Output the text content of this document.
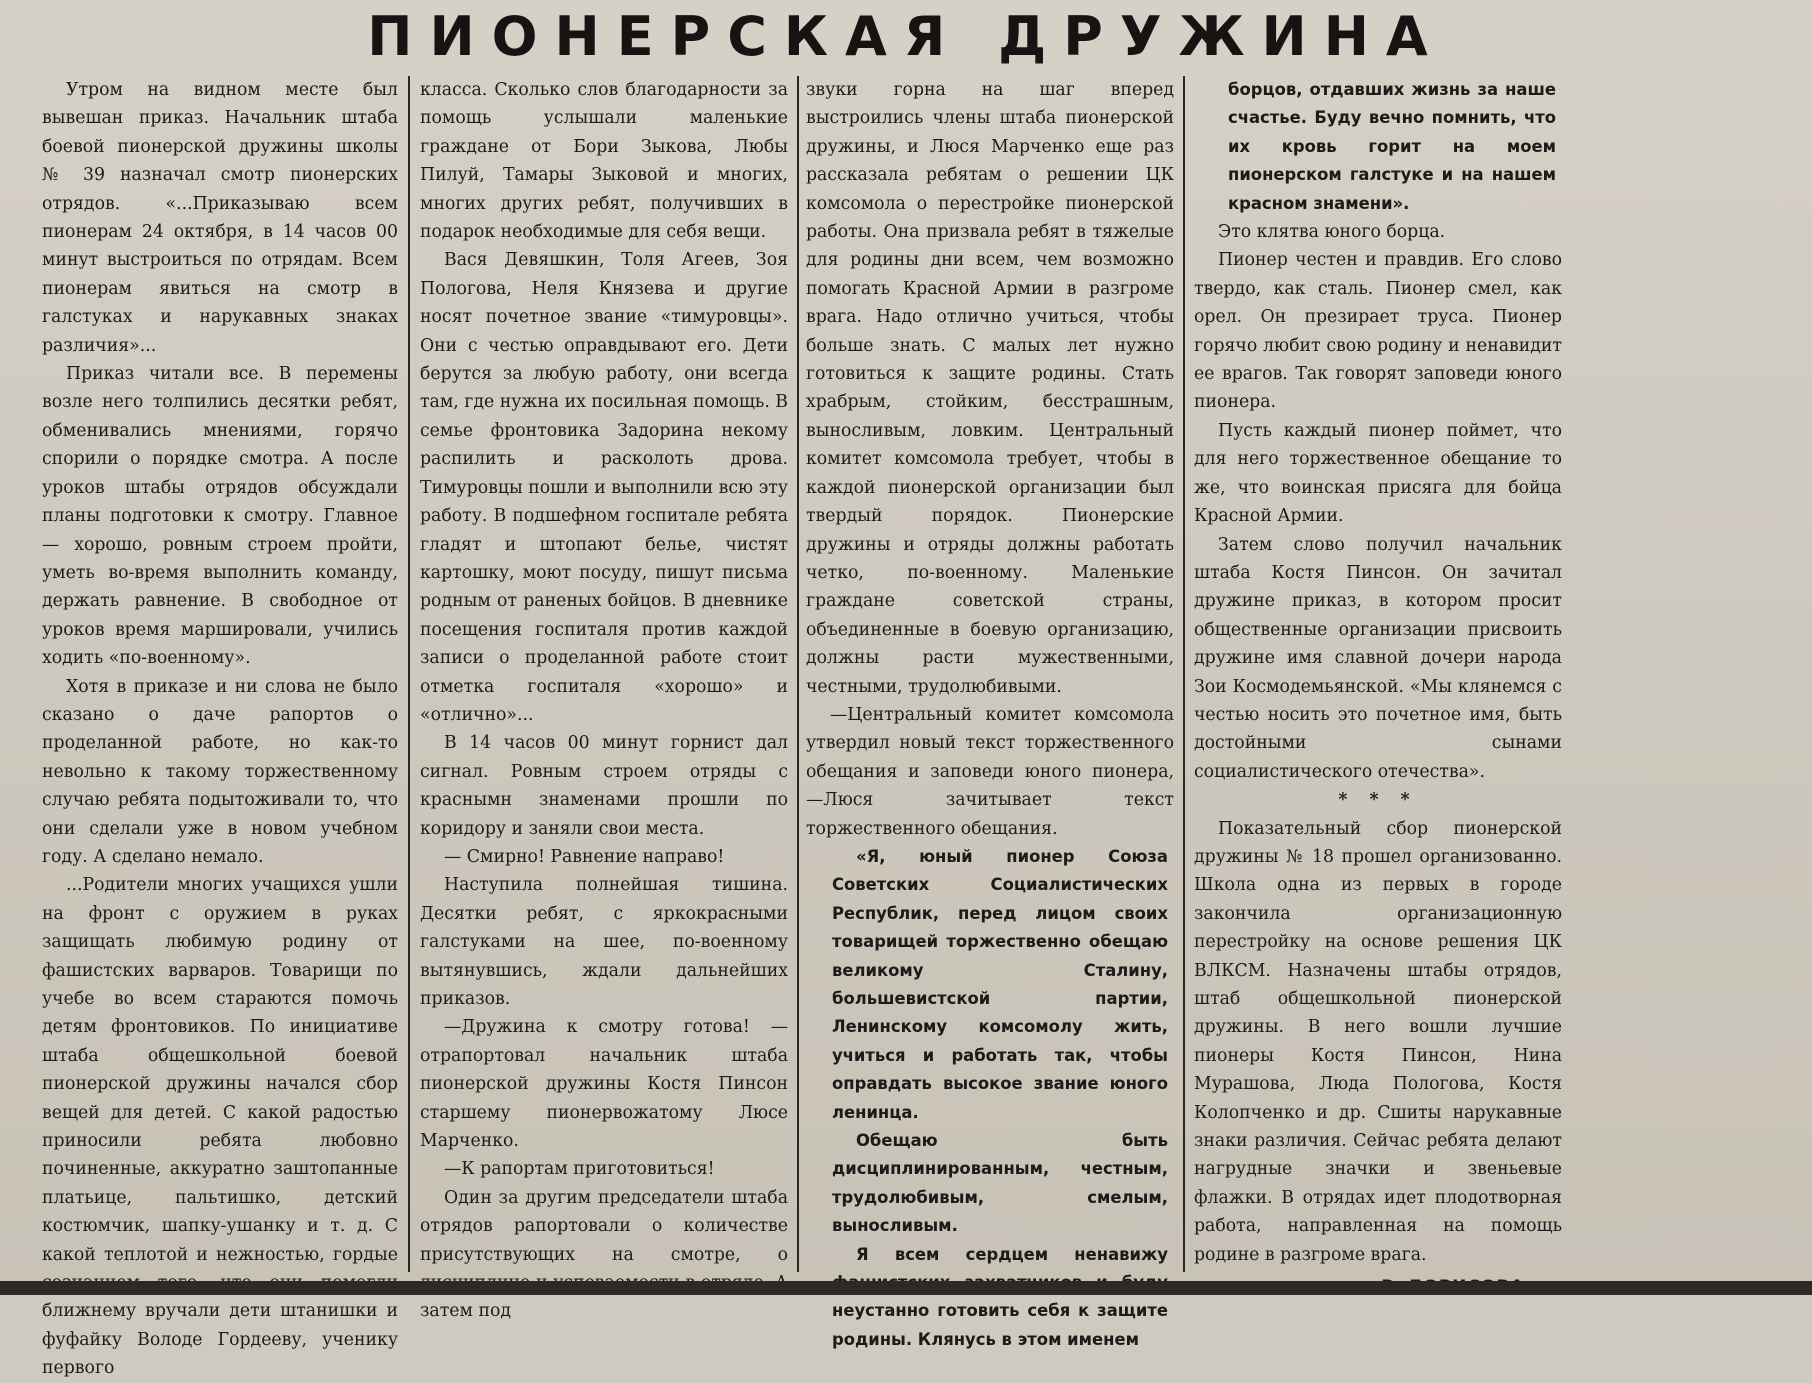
ПИОНЕРСКАЯ ДРУЖИНА

Утром на видном месте был вывешан приказ. Начальник штаба боевой пионерской дружины школы № 39 назначал смотр пионерских отрядов. «...Приказываю всем пионерам 24 октября, в 14 часов 00 минут выстроиться по отрядам. Всем пионерам явиться на смотр в галстуках и нарукавных знаках различия»...

Приказ читали все. В перемены возле него толпились десятки ребят, обменивались мнениями, горячо спорили о порядке смотра. А после уроков штабы отрядов обсуждали планы подготовки к смотру. Главное — хорошо, ровным строем пройти, уметь во-время выполнить команду, держать равнение. В свободное от уроков время маршировали, учились ходить «по-военному».

Хотя в приказе и ни слова не было сказано о даче рапортов о проделанной работе, но как-то невольно к такому торжественному случаю ребята подытоживали то, что они сделали уже в новом учебном году. А сделано немало.

...Родители многих учащихся ушли на фронт с оружием в руках защищать любимую родину от фашистских варваров. Товарищи по учебе во всем стараются помочь детям фронтовиков. По инициативе штаба общешкольной боевой пионерской дружины начался сбор вещей для детей. С какой радостью приносили ребята любовно починенные, аккуратно заштопанные платьице, пальтишко, детский костюмчик, шапку-ушанку и т. д. С какой теплотой и нежностью, гордые ближнему вручали дети штанишки и фуфайку Володе Гордееву, ученику первого

класса. Сколько слов благодарности за помощь услышали маленькие граждане от Бори Зыкова, Любы Пилуй, Тамары Зыковой и многих, многих других ребят, получивших в подарок необходимые для себя вещи.

Вася Девяшкин, Толя Агеев, Зоя Пологова, Неля Князева и другие носят почетное звание «тимуровцы». Они с честью оправдывают его. Дети берутся за любую работу, они всегда там, где нужна их посильная помощь. В семье фронтовика Задорина некому распилить и расколоть дрова. Тимуровцы пошли и выполнили всю эту работу. В подшефном госпитале ребята гладят и штопают белье, чистят картошку, моют посуду, пишут письма родным от раненых бойцов. В дневнике посещения госпиталя против каждой записи о проделанной работе стоит отметка госпиталя «хорошо» и «отлично»...

В 14 часов 00 минут горнист дал сигнал. Ровным строем отряды с краснымн знаменами прошли по коридору и заняли свои места.

— Смирно! Равнение направо!

Наступила полнейшая тишина. Десятки ребят, с яркокрасными галстуками на шее, по-военному вытянувшись, ждали дальнейших приказов.

—Дружина к смотру готова! — отрапортовал начальник штаба пионерской дружины Костя Пинсон старшему пионервожатому Люсе Марченко.

—К рапортам приготовиться!

Один за другим председатели штаба отрядов рапортовали о количестве присутствующих на смотре, о затем под

звуки горна на шаг вперед выстроились члены штаба пионерской дружины, и Люся Марченко еще раз рассказала ребятам о решении ЦК комсомола о перестройке пионерской работы. Она призвала ребят в тяжелые для родины дни всем, чем возможно помогать Красной Армии в разгроме врага. Надо отлично учиться, чтобы больше знать. С малых лет нужно готовиться к защите родины. Стать храбрым, стойким, бесстрашным, выносливым, ловким. Центральный комитет комсомола требует, чтобы в каждой пионерской организации был твердый порядок. Пионерские дружины и отряды должны работать четко, по-военному. Маленькие граждане советской страны, объединенные в боевую организацию, должны расти мужественными, честными, трудолюбивыми.

—Центральный комитет комсомола утвердил новый текст торжественного обещания и заповеди юного пионера, —Люся зачитывает текст торжественного обещания.

«Я, юный пионер Союза Советских Социалистических Республик, перед лицом своих товарищей торжественно обещаю великому Сталину, большевистской партии, Ленинскому комсомолу жить, учиться и работать так, чтобы оправдать высокое звание юного ленинца.

Обещаю быть дисциплинированным, честным, трудолюбивым, смелым, выносливым.

Я всем сердцем ненавижу неустанно готовить себя к защите родины. Клянусь в этом именем

борцов, отдавших жизнь за наше счастье. Буду вечно помнить, что их кровь горит на моем пионерском галстуке и на нашем красном знамени».

Это клятва юного борца.

Пионер честен и правдив. Его слово твердо, как сталь. Пионер смел, как орел. Он презирает труса. Пионер горячо любит свою родину и ненавидит ее врагов. Так говорят заповеди юного пионера.

Пусть каждый пионер поймет, что для него торжественное обещание то же, что воинская присяга для бойца Красной Армии.

Затем слово получил начальник штаба Костя Пинсон. Он зачитал дружине приказ, в котором просит общественные организации присвоить дружине имя славной дочери народа Зои Космодемьянской. «Мы клянемся с честью носить это почетное имя, быть достойными сынами социалистического отечества».

* * *

Показательный сбор пионерской дружины № 18 прошел организованно. Школа одна из первых в городе закончила организационную перестройку на основе решения ЦК ВЛКСМ. Назначены штабы отрядов, штаб общешкольной пионерской дружины. В него вошли лучшие пионеры Костя Пинсон, Нина Мурашова, Люда Пологова, Костя Колопченко и др. Сшиты нарукавные знаки различия. Сейчас ребята делают нагрудные значки и звеньевые флажки. В отрядах идет плодотворная работа, направленная на помощь родине в разгроме врага.
